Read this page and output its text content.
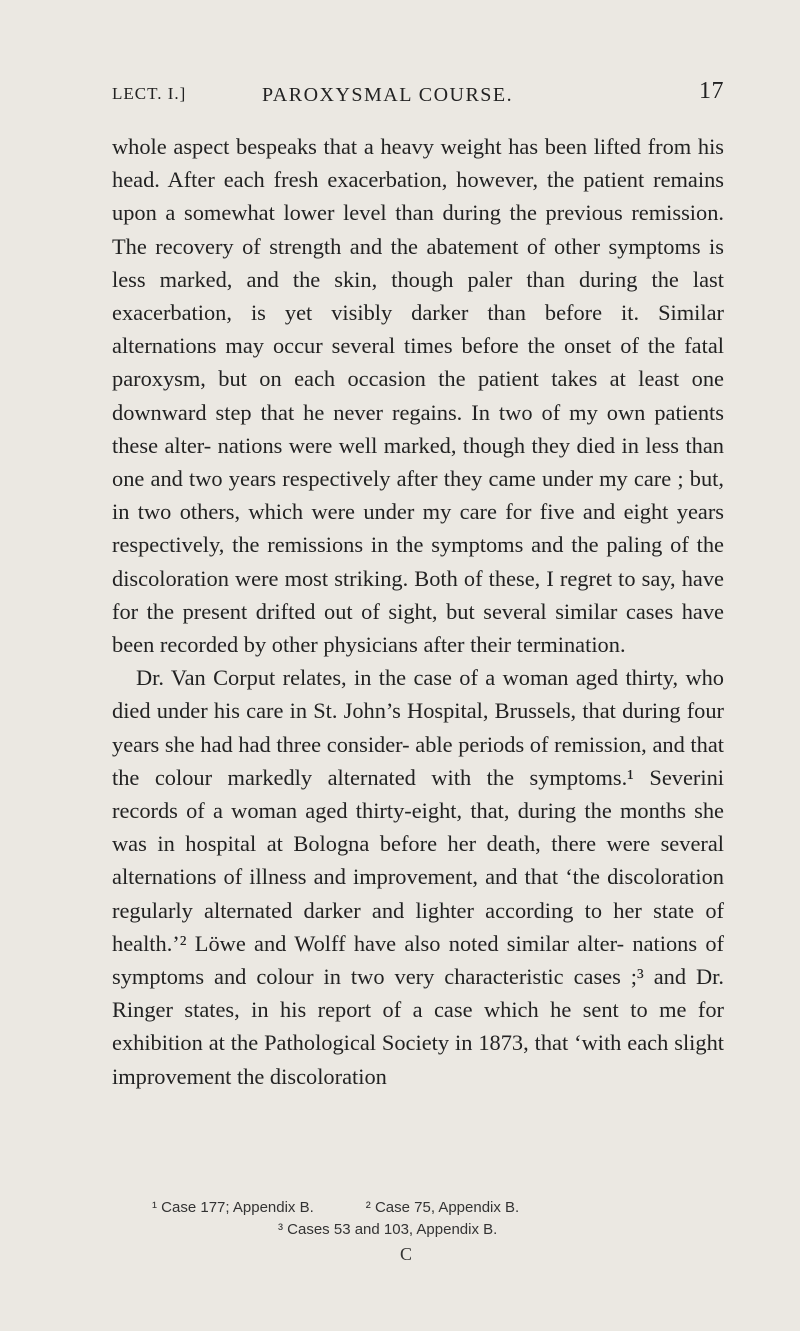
LECT. I.]	PAROXYSMAL COURSE.	17

whole aspect bespeaks that a heavy weight has been lifted from his head. After each fresh exacerbation, however, the patient remains upon a somewhat lower level than during the previous remission. The recovery of strength and the abatement of other symptoms is less marked, and the skin, though paler than during the last exacerbation, is yet visibly darker than before it. Similar alternations may occur several times before the onset of the fatal paroxysm, but on each occasion the patient takes at least one downward step that he never regains. In two of my own patients these alter- nations were well marked, though they died in less than one and two years respectively after they came under my care ; but, in two others, which were under my care for five and eight years respectively, the remissions in the symptoms and the paling of the discoloration were most striking. Both of these, I regret to say, have for the present drifted out of sight, but several similar cases have been recorded by other physicians after their termination.

Dr. Van Corput relates, in the case of a woman aged thirty, who died under his care in St. John’s Hospital, Brussels, that during four years she had had three consider- able periods of remission, and that the colour markedly alternated with the symptoms.¹ Severini records of a woman aged thirty-eight, that, during the months she was in hospital at Bologna before her death, there were several alternations of illness and improvement, and that ‘the discoloration regularly alternated darker and lighter according to her state of health.’² Löwe and Wolff have also noted similar alter- nations of symptoms and colour in two very characteristic cases ;³ and Dr. Ringer states, in his report of a case which he sent to me for exhibition at the Pathological Society in 1873, that ‘with each slight improvement the discoloration

¹ Case 177; Appendix B.	² Case 75, Appendix B.
³ Cases 53 and 103, Appendix B.
C
